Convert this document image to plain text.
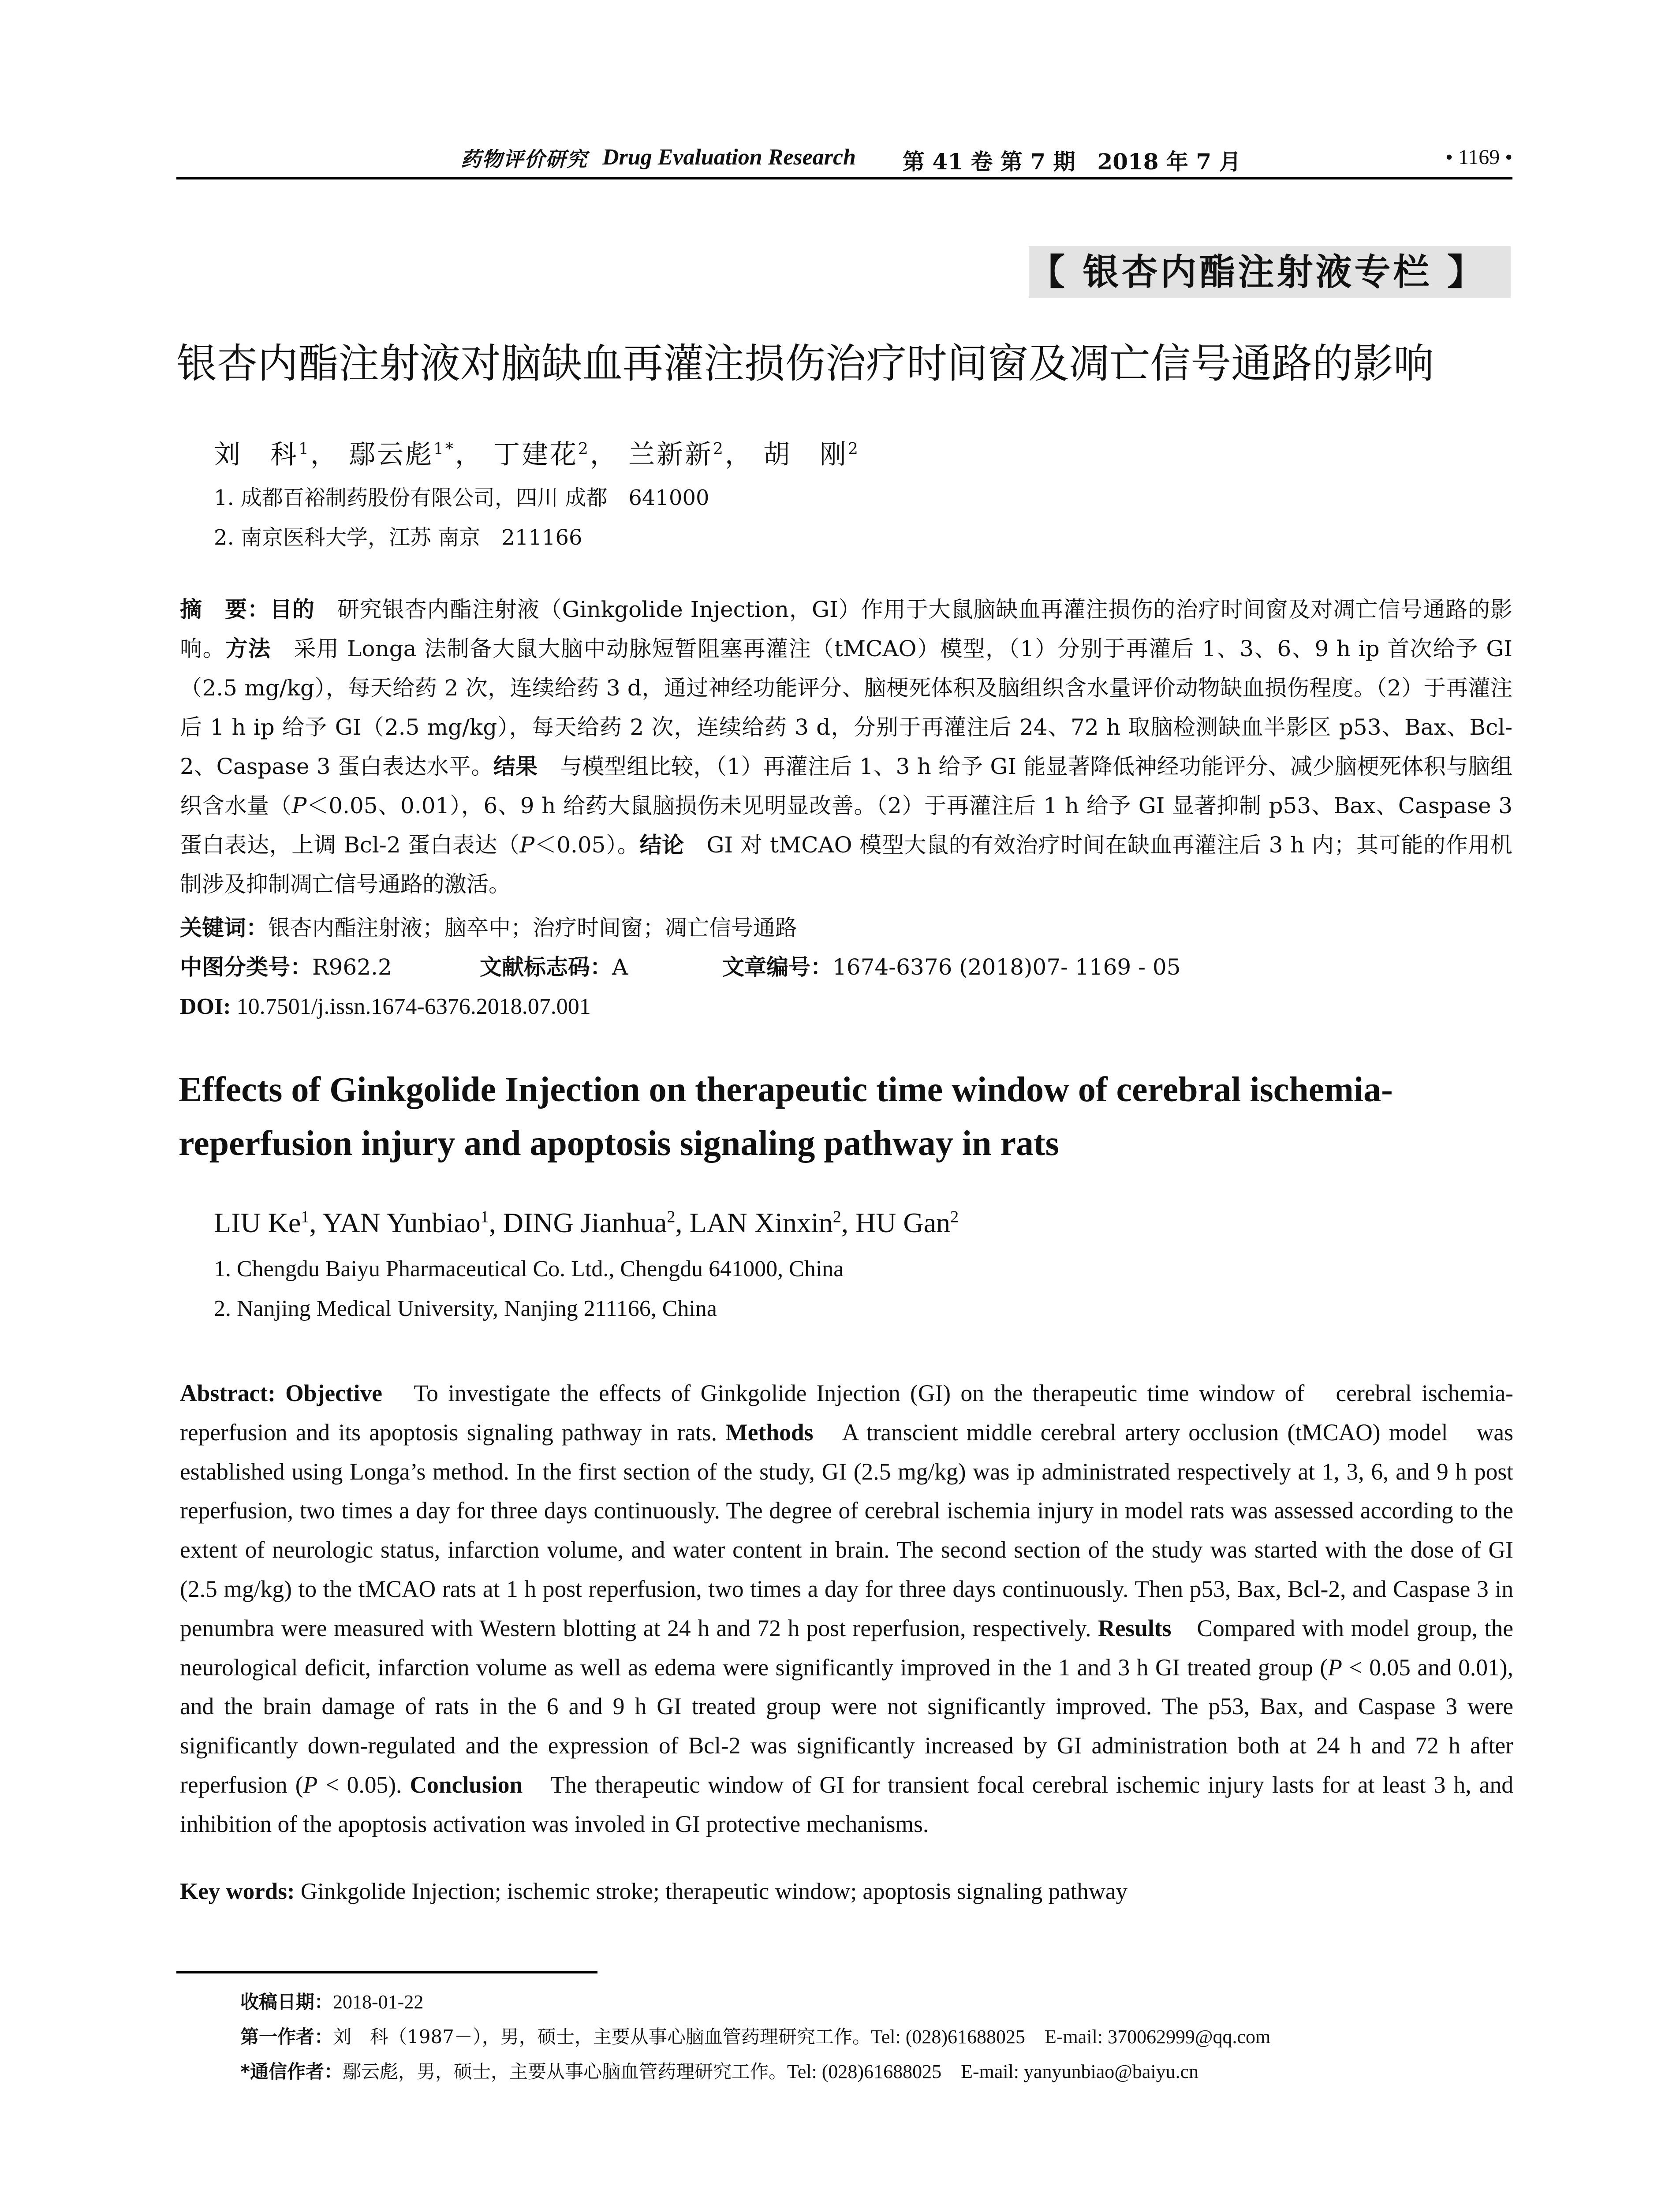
药物评价研究 Drug Evaluation Research 第 41 卷 第 7 期　2018 年 7 月	• 1169 •
【 银杏内酯注射液专栏 】
银杏内酯注射液对脑缺血再灌注损伤治疗时间窗及凋亡信号通路的影响
刘　科$^1$， 鄢云彪$^{1*}$， 丁建花$^2$， 兰新新$^2$， 胡　刚$^2$
1. 成都百裕制药股份有限公司，四川 成都　641000
2. 南京医科大学，江苏 南京　211166
摘　要：目的　研究银杏内酯注射液（Ginkgolide Injection，GI）作用于大鼠脑缺血再灌注损伤的治疗时间窗及对凋亡信号通路的影响。方法　采用 Longa 法制备大鼠大脑中动脉短暂阻塞再灌注（tMCAO）模型，（1）分别于再灌后 1、3、6、9 h ip 首次给予 GI（2.5 mg/kg），每天给药 2 次，连续给药 3 d，通过神经功能评分、脑梗死体积及脑组织含水量评价动物缺血损伤程度。（2）于再灌注后 1 h ip 给予 GI（2.5 mg/kg），每天给药 2 次，连续给药 3 d，分别于再灌注后 24、72 h 取脑检测缺血半影区 p53、Bax、Bcl-2、Caspase 3 蛋白表达水平。结果　与模型组比较，（1）再灌注后 1、3 h 给予 GI 能显著降低神经功能评分、减少脑梗死体积与脑组织含水量（P＜0.05、0.01），6、9 h 给药大鼠脑损伤未见明显改善。（2）于再灌注后 1 h 给予 GI 显著抑制 p53、Bax、Caspase 3 蛋白表达，上调 Bcl-2 蛋白表达（P＜0.05）。结论　GI 对 tMCAO 模型大鼠的有效治疗时间在缺血再灌注后 3 h 内；其可能的作用机制涉及抑制凋亡信号通路的激活。
关键词：银杏内酯注射液；脑卒中；治疗时间窗；凋亡信号通路
中图分类号：R962.2	文献标志码：A	文章编号：1674-6376 (2018)07- 1169 - 05
DOI: 10.7501/j.issn.1674-6376.2018.07.001
Effects of Ginkgolide Injection on therapeutic time window of cerebral ischemia-reperfusion injury and apoptosis signaling pathway in rats
LIU Ke$^1$, YAN Yunbiao$^1$, DING Jianhua$^2$, LAN Xinxin$^2$, HU Gan$^2$
1. Chengdu Baiyu Pharmaceutical Co. Ltd., Chengdu 641000, China
2. Nanjing Medical University, Nanjing 211166, China
Abstract: Objective　To investigate the effects of Ginkgolide Injection (GI) on the therapeutic time window of　cerebral ischemia-reperfusion and its apoptosis signaling pathway in rats. Methods　A transcient middle cerebral artery occlusion (tMCAO) model　was established using Longa’s method. In the first section of the study, GI (2.5 mg/kg) was ip administrated respectively at 1, 3, 6, and 9 h post reperfusion, two times a day for three days continuously. The degree of cerebral ischemia injury in model rats was assessed according to the extent of neurologic status, infarction volume, and water content in brain. The second section of the study was started with the dose of GI (2.5 mg/kg) to the tMCAO rats at 1 h post reperfusion, two times a day for three days continuously. Then p53, Bax, Bcl-2, and Caspase 3 in penumbra were measured with Western blotting at 24 h and 72 h post reperfusion, respectively. Results　Compared with model group, the neurological deficit, infarction volume as well as edema were significantly improved in the 1 and 3 h GI treated group (P < 0.05 and 0.01), and the brain damage of rats in the 6 and 9 h GI treated group were not significantly improved. The p53, Bax, and Caspase 3 were significantly down-regulated and the expression of Bcl-2 was significantly increased by GI administration both at 24 h and 72 h after reperfusion (P < 0.05). Conclusion　The therapeutic window of GI for transient focal cerebral ischemic injury lasts for at least 3 h, and inhibition of the apoptosis activation was involed in GI protective mechanisms.
Key words: Ginkgolide Injection; ischemic stroke; therapeutic window; apoptosis signaling pathway
收稿日期：2018-01-22
第一作者：刘　科（1987－），男，硕士，主要从事心脑血管药理研究工作。Tel: (028)61688025　E-mail: 370062999@qq.com
*通信作者：鄢云彪，男，硕士，主要从事心脑血管药理研究工作。Tel: (028)61688025　E-mail: yanyunbiao@baiyu.cn
